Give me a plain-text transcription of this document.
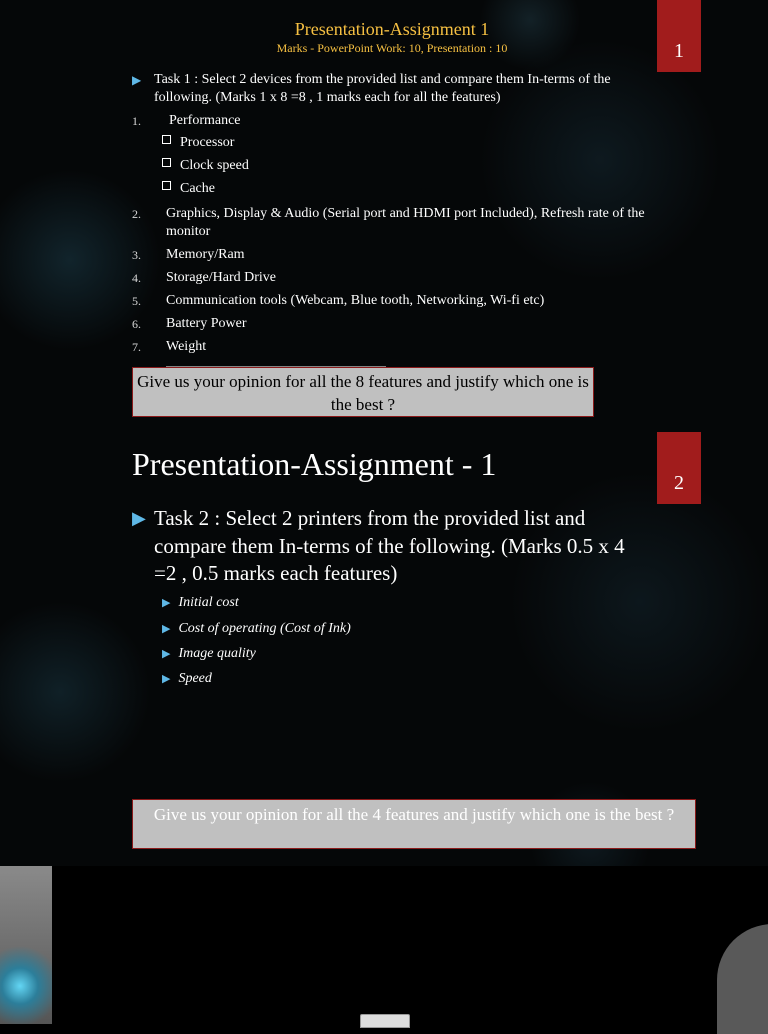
1
Presentation-Assignment 1
Marks - PowerPoint Work: 10, Presentation : 10
▶ Task 1 : Select 2 devices from the provided list and compare them In-terms of the following. (Marks 1 x 8 =8 , 1 marks each for all the features)
1. Performance
Processor
Clock speed
Cache
2. Graphics, Display & Audio (Serial port and HDMI port Included), Refresh rate of the monitor
3. Memory/Ram
4. Storage/Hard Drive
5. Communication tools (Webcam, Blue tooth, Networking, Wi-fi etc)
6. Battery Power
7. Weight
Give us your opinion for all the 8 features and justify which one is the best ?
2
Presentation-Assignment - 1
▶ Task 2 : Select 2 printers from the provided list and compare them In-terms of the following. (Marks 0.5 x 4 =2 , 0.5 marks each features)
▶ Initial cost
▶ Cost of operating (Cost of Ink)
▶ Image quality
▶ Speed
Give us your opinion for all the 4 features and justify which one is the best ?
